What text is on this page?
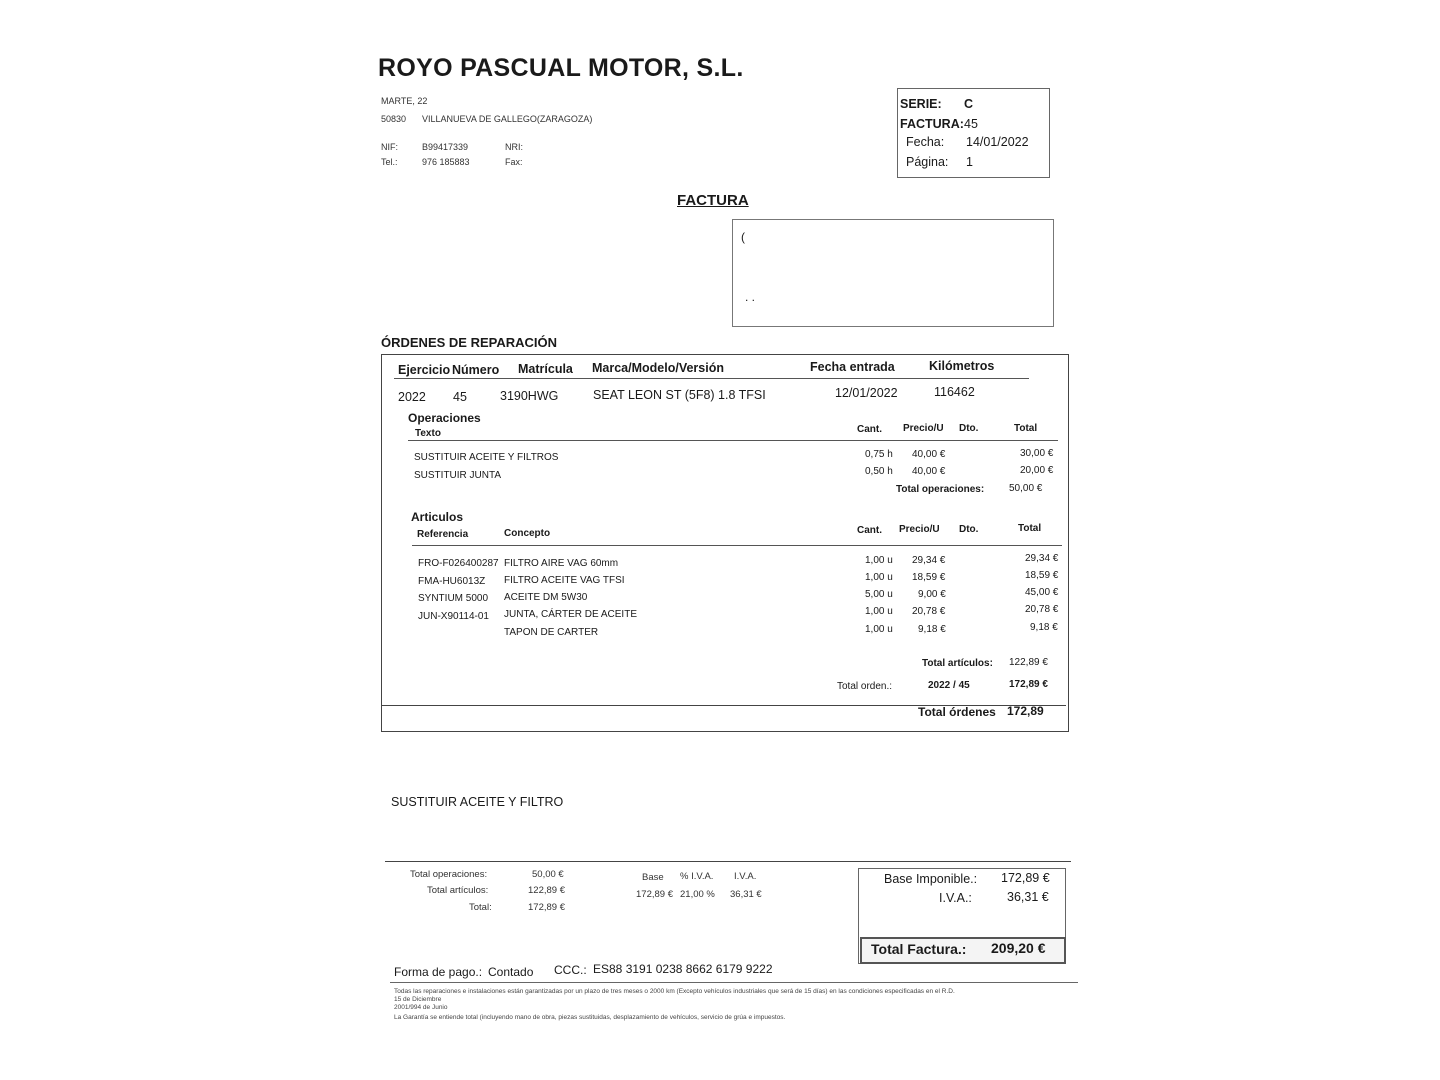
ROYO PASCUAL MOTOR, S.L.
MARTE, 22
50830 VILLANUEVA DE GALLEGO(ZARAGOZA)
NIF:	B99417339	NRI:
Tel.:	976 185883	Fax:
SERIE: C
FACTURA:45
Fecha: 14/01/2022
Página: 1
FACTURA
(
. .
ÓRDENES DE REPARACIÓN
Ejercicio Número Matrícula Marca/Modelo/Versión	Fecha entrada	Kilómetros
2022 45	3190HWG	SEAT LEON ST (5F8) 1.8 TFSI	12/01/2022	116462
Operaciones
Texto	Cant. Precio/U Dto.	Total
SUSTITUIR ACEITE Y FILTROS	0,75 h 40,00 €	30,00 €
SUSTITUIR JUNTA	0,50 h 40,00 €	20,00 €
Total operaciones: 50,00 €
Articulos
Referencia	Concepto	Cant. Precio/U Dto.	Total
FRO-F026400287 FILTRO AIRE VAG 60mm	1,00 u 29,34 €	29,34 €
FMA-HU6013Z FILTRO ACEITE VAG TFSI	1,00 u 18,59 €	18,59 €
SYNTIUM 5000 ACEITE DM 5W30	5,00 u	9,00 €	45,00 €
JUN-X90114-01 JUNTA, CÁRTER DE ACEITE	1,00 u 20,78 €	20,78 €
TAPON DE CARTER	1,00 u	9,18 €	9,18 €
Total artículos: 122,89 €
Total orden.:	2022 / 45	172,89 €
Total órdenes 172,89
SUSTITUIR ACEITE Y FILTRO
Total operaciones:	50,00 €
Total artículos:	122,89 €
Total:	172,89 €
Base % I.V.A. I.V.A.
172,89 € 21,00 % 36,31 €
Base Imponible.: 172,89 €
I.V.A.:	36,31 €
Total Factura.: 209,20 €
Forma de pago.: Contado CCC.: ES88 3191 0238 8662 6179 9222
Todas las reparaciones e instalaciones están garantizadas por un plazo de tres meses o 2000 km (Excepto vehículos industriales que será de 15 días) en las condiciones especificadas en el R.D.
15 de Diciembre
2001/994 de Junio
La Garantía se entiende total (incluyendo mano de obra, piezas sustituidas, desplazamiento de vehículos, servicio de grúa e impuestos.
